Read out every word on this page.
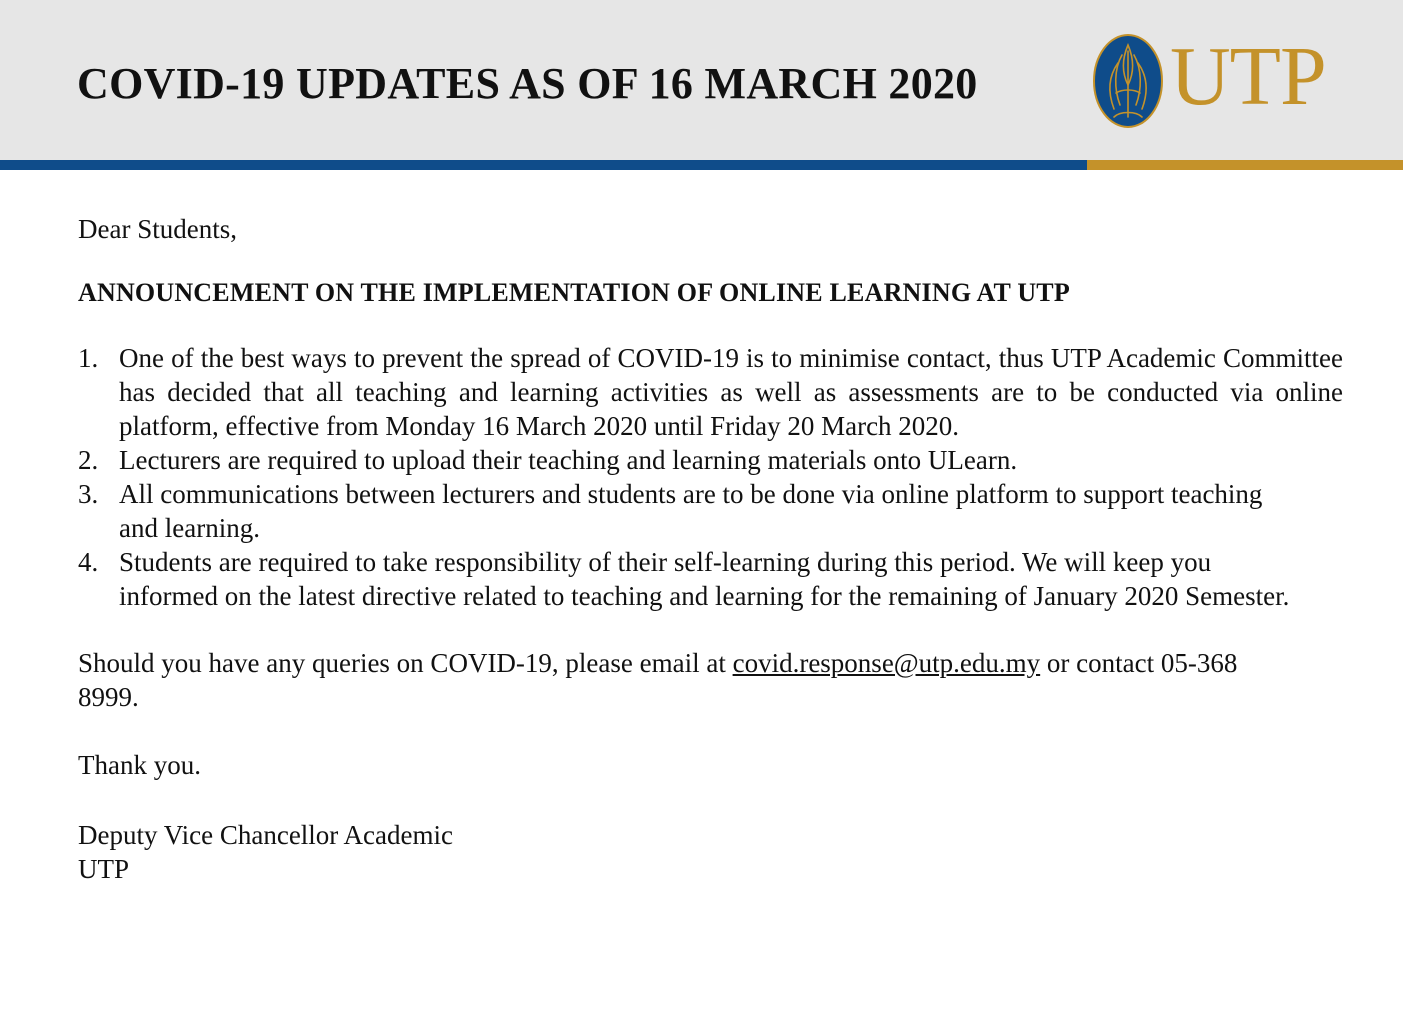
COVID-19 UPDATES AS OF 16 MARCH 2020 UTP

Dear Students,

ANNOUNCEMENT ON THE IMPLEMENTATION OF ONLINE LEARNING AT UTP

1. One of the best ways to prevent the spread of COVID-19 is to minimise contact, thus UTP Academic Committee has decided that all teaching and learning activities as well as assessments are to be conducted via online platform, effective from Monday 16 March 2020 until Friday 20 March 2020.
2. Lecturers are required to upload their teaching and learning materials onto ULearn.
3. All communications between lecturers and students are to be done via online platform to support teaching and learning.
4. Students are required to take responsibility of their self-learning during this period. We will keep you informed on the latest directive related to teaching and learning for the remaining of January 2020 Semester.

Should you have any queries on COVID-19, please email at covid.response@utp.edu.my or contact 05-368 8999.

Thank you.

Deputy Vice Chancellor Academic
UTP
